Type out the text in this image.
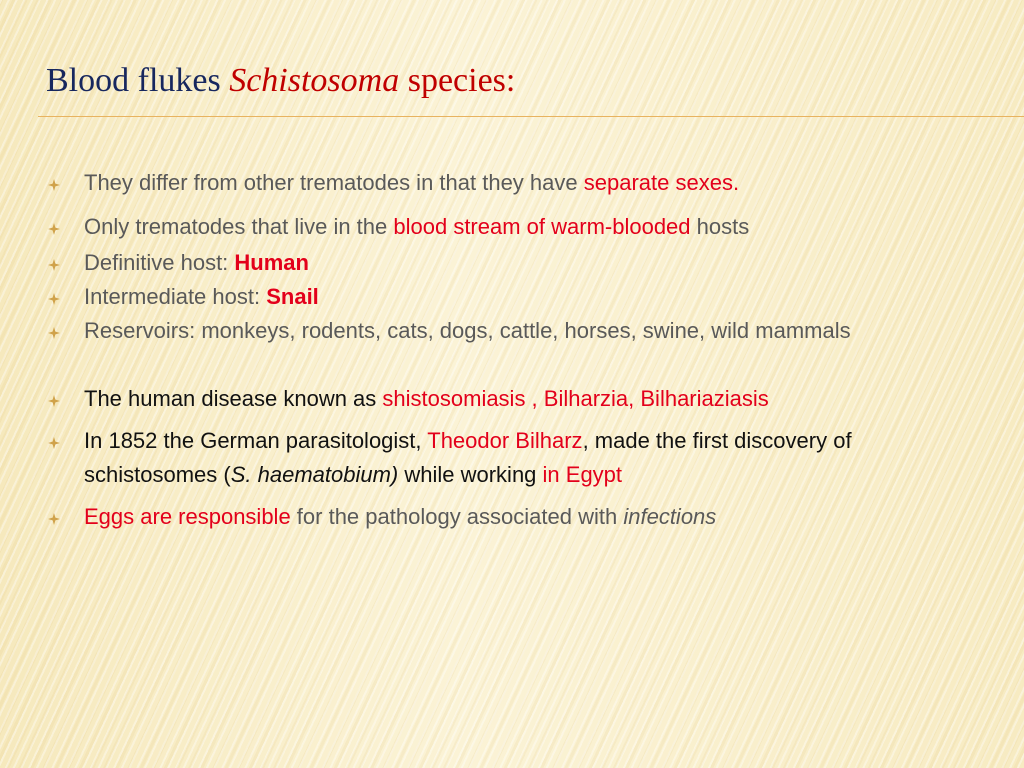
Blood flukes Schistosoma species:
They differ from other trematodes in that they have separate sexes.
Only trematodes that live in the blood stream of warm-blooded hosts
Definitive host: Human
Intermediate host: Snail
Reservoirs: monkeys, rodents, cats, dogs, cattle, horses, swine, wild mammals
The human disease known as shistosomiasis , Bilharzia, Bilhariaziasis
In 1852 the German parasitologist, Theodor Bilharz, made the first discovery of schistosomes (S. haematobium) while working in Egypt
Eggs are responsible for the pathology associated with infections
